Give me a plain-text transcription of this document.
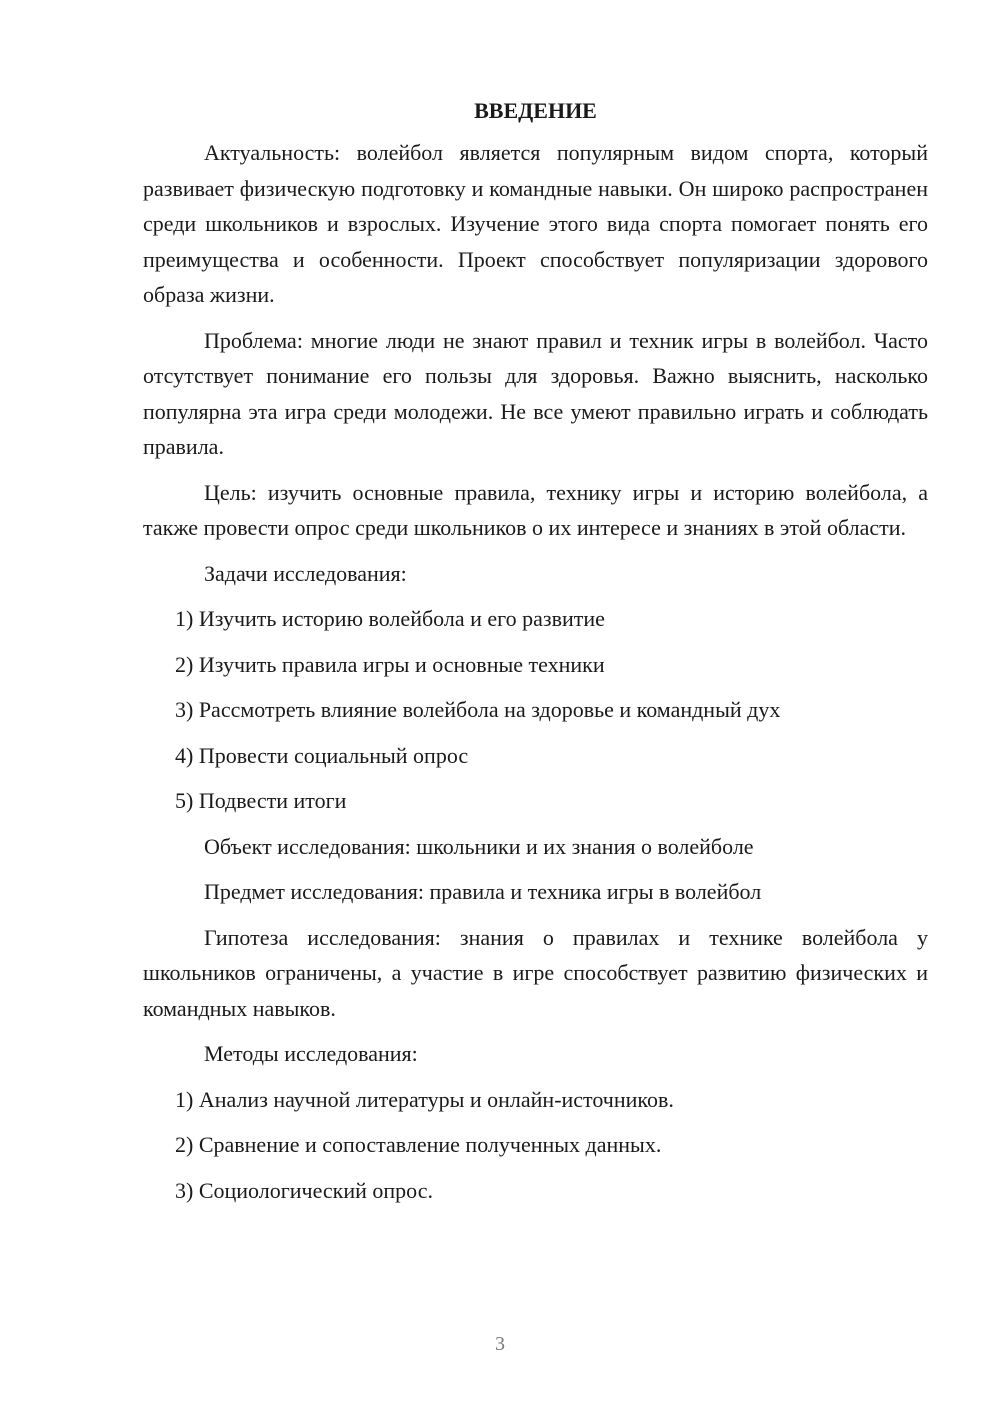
ВВЕДЕНИЕ

Актуальность: волейбол является популярным видом спорта, который развивает физическую подготовку и командные навыки. Он широко распространен среди школьников и взрослых. Изучение этого вида спорта помогает понять его преимущества и особенности. Проект способствует популяризации здорового образа жизни.

Проблема: многие люди не знают правил и техник игры в волейбол. Часто отсутствует понимание его пользы для здоровья. Важно выяснить, насколько популярна эта игра среди молодежи. Не все умеют правильно играть и соблюдать правила.

Цель: изучить основные правила, технику игры и историю волейбола, а также провести опрос среди школьников о их интересе и знаниях в этой области.

Задачи исследования:

1) Изучить историю волейбола и его развитие
2) Изучить правила игры и основные техники
3) Рассмотреть влияние волейбола на здоровье и командный дух
4) Провести социальный опрос
5) Подвести итоги

Объект исследования: школьники и их знания о волейболе

Предмет исследования: правила и техника игры в волейбол

Гипотеза исследования: знания о правилах и технике волейбола у школьников ограничены, а участие в игре способствует развитию физических и командных навыков.

Методы исследования:

1) Анализ научной литературы и онлайн-источников.
2) Сравнение и сопоставление полученных данных.
3) Социологический опрос.
3
